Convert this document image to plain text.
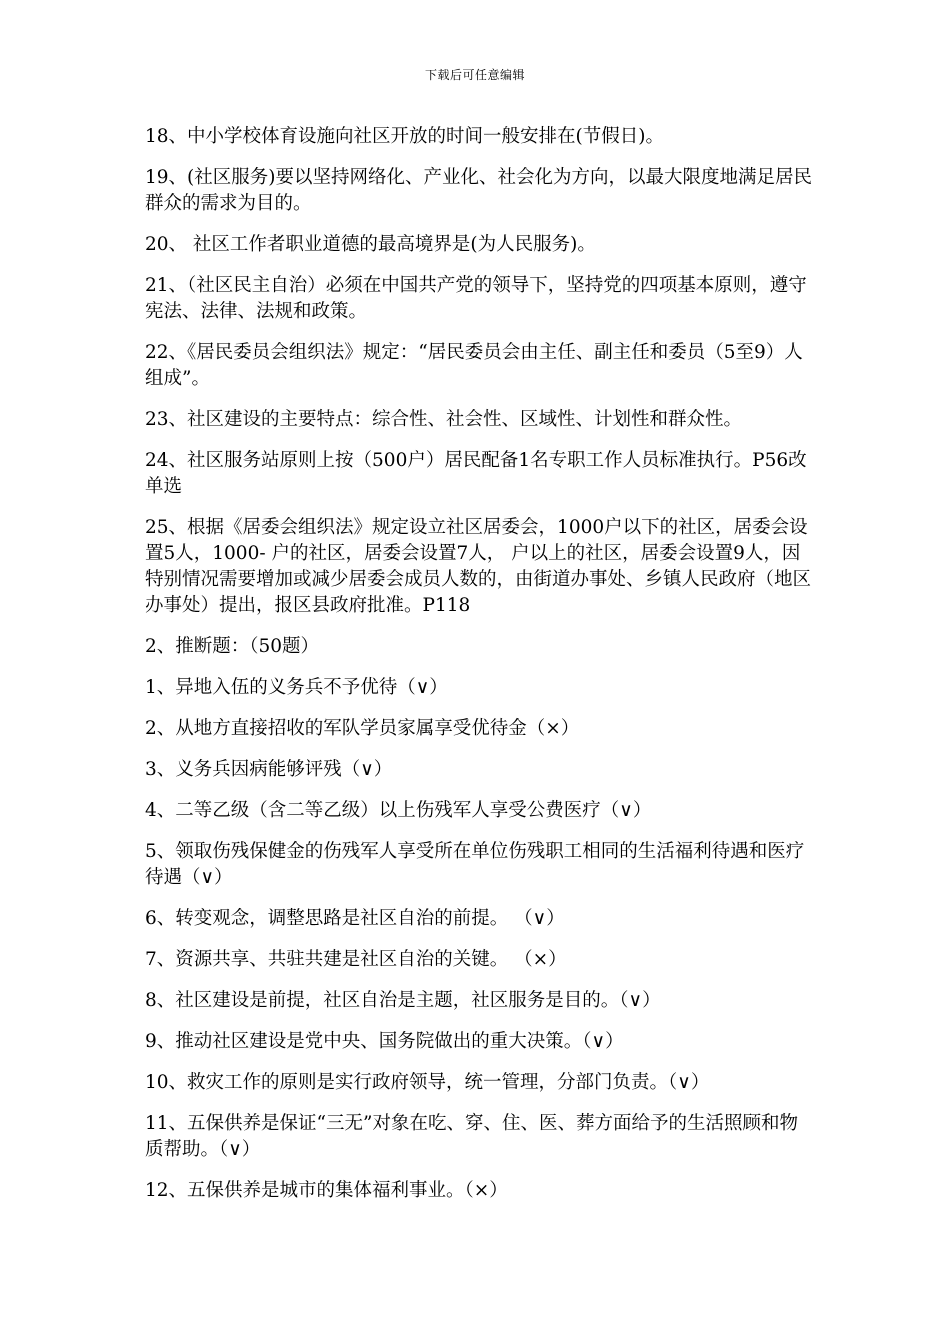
下载后可任意编辑

18、中小学校体育设施向社区开放的时间一般安排在(节假日)。

19、(社区服务)要以坚持网络化、产业化、社会化为方向，以最大限度地满足居民群众的需求为目的。

20、 社区工作者职业道德的最高境界是(为人民服务)。

21、（社区民主自治）必须在中国共产党的领导下，坚持党的四项基本原则，遵守宪法、法律、法规和政策。

22、《居民委员会组织法》规定：“居民委员会由主任、副主任和委员（5至9）人组成”。

23、社区建设的主要特点：综合性、社会性、区域性、计划性和群众性。

24、社区服务站原则上按（500户）居民配备1名专职工作人员标准执行。P56改单选

25、根据《居委会组织法》规定设立社区居委会，1000户以下的社区，居委会设置5人，1000- 户的社区，居委会设置7人， 户以上的社区，居委会设置9人，因特别情况需要增加或减少居委会成员人数的，由街道办事处、乡镇人民政府（地区办事处）提出，报区县政府批准。P118

2、推断题：（50题）

1、异地入伍的义务兵不予优待（∨）

2、从地方直接招收的军队学员家属享受优待金（×）

3、义务兵因病能够评残（∨）

4、二等乙级（含二等乙级）以上伤残军人享受公费医疗（∨）

5、领取伤残保健金的伤残军人享受所在单位伤残职工相同的生活福利待遇和医疗待遇（∨）

6、转变观念，调整思路是社区自治的前提。 （∨）

7、资源共享、共驻共建是社区自治的关键。 （×）

8、社区建设是前提，社区自治是主题，社区服务是目的。（∨）

9、推动社区建设是党中央、国务院做出的重大决策。（∨）

10、救灾工作的原则是实行政府领导，统一管理，分部门负责。（∨）

11、五保供养是保证“三无”对象在吃、穿、住、医、葬方面给予的生活照顾和物质帮助。（∨）

12、五保供养是城市的集体福利事业。（×）
